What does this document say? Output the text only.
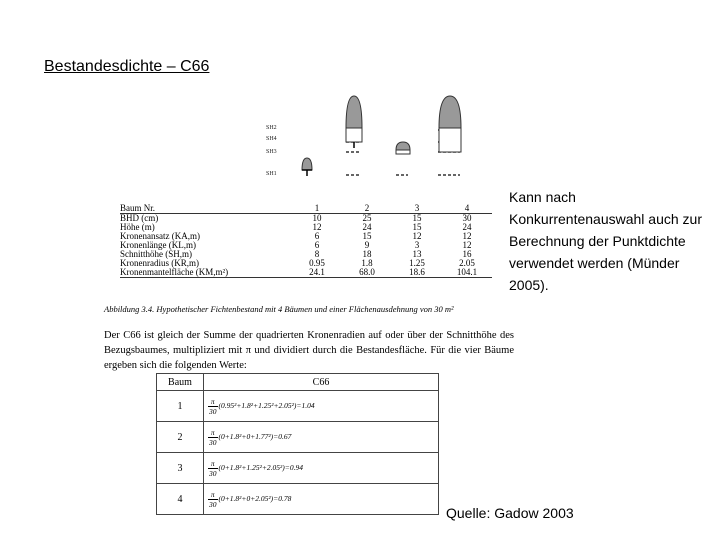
Bestandesdichte – C66
SH2
SH4
SH3
SH1
Baum Nr.	1	2	3	4
BHD (cm)	10	25	15	30
Höhe (m)	12	24	15	24
Kronenansatz (KA,m)	6	15	12	12
Kronenlänge (KL,m)	6	9	3	12
Schnitthöhe (SH,m)	8	18	13	16
Kronenradius (KR,m)	0.95	1.8	1.25	2.05
Kronenmantelfläche (KM,m²)	24.1	68.0	18.6	104.1
Abbildung 3.4. Hypothetischer Fichtenbestand mit 4 Bäumen und einer Flächenausdehnung von 30 m²
Der C66 ist gleich der Summe der quadrierten Kronenradien auf oder über der Schnitthöhe des Bezugsbaumes, multipliziert mit π und dividiert durch die Bestandesfläche. Für die vier Bäume ergeben sich die folgenden Werte:
Baum	C66
1	$\frac{\pi}{30} (0.95^2+1.8^2+1.25^2+2.05^2)=1.04$
2	$\frac{\pi}{30} (0+1.8^2+0+1.77^2)=0.67$
3	$\frac{\pi}{30} (0+1.8^2+1.25^2+2.05^2)=0.94$
4	$\frac{\pi}{30} (0+1.8^2+0+2.05^2)=0.78$
Kann nach Konkurrentenauswahl auch zur Berechnung der Punktdichte verwendet werden (Münder 2005).
Quelle: Gadow 2003
